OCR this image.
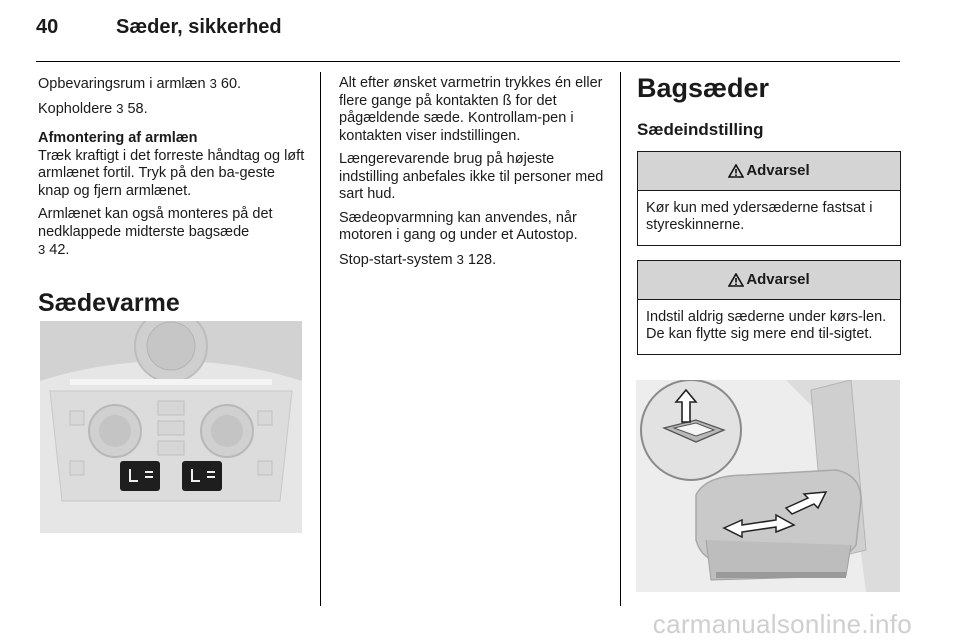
40	Sæder, sikkerhed

Opbevaringsrum i armlæn 3 60.

Kopholdere 3 58.

Afmontering af armlæn

Træk kraftigt i det forreste håndtag og løft armlænet fortil. Tryk på den ba-geste knap og fjern armlænet.

Armlænet kan også monteres på det nedklappede midterste bagsæde
3 42.

Sædevarme

Alt efter ønsket varmetrin trykkes én eller flere gange på kontakten ß for det pågældende sæde. Kontrollam-pen i kontakten viser indstillingen.

Længerevarende brug på højeste indstilling anbefales ikke til personer med sart hud.

Sædeopvarmning kan anvendes, når motoren i gang og under et Autostop.

Stop-start-system 3 128.

Bagsæder
Sædeindstilling
Advarsel
Kør kun med ydersæderne fastsat i styreskinnerne.
Advarsel
Indstil aldrig sæderne under kørs-len. De kan flytte sig mere end til-sigtet.
carmanualsonline.info
